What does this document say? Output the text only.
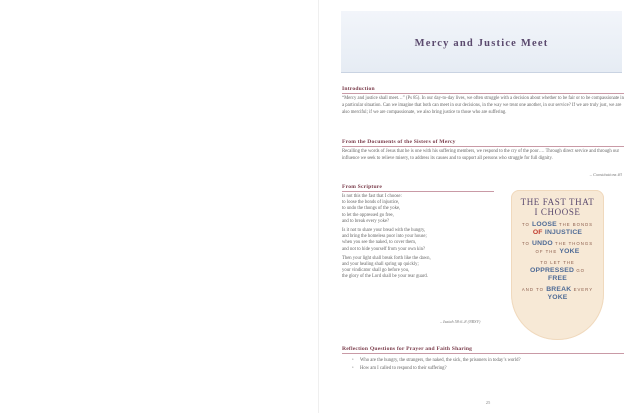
Mercy and Justice Meet
Introduction

“Mercy and justice shall meet…” (Ps 85). In our day-to-day lives, we often struggle with a decision about whether to be fair or to be compassionate in a particular situation. Can we imagine that both can meet in our decisions, in the way we treat one another, in our service? If we are truly just, we are also merciful; if we are compassionate, we also bring justice to those who are suffering.

From the Documents of the Sisters of Mercy

Recalling the words of Jesus that he is one with his suffering members, we respond to the cry of the poor…. Through direct service and through our influence we seek to relieve misery, to address its causes and to support all persons who struggle for full dignity.

– Constitutions #3
From Scripture
Is not this the fast that I choose:
to loose the bonds of injustice,
to undo the thongs of the yoke,
to let the oppressed go free,
and to break every yoke?
Is it not to share your bread with the hungry,
and bring the homeless poor into your house;
when you see the naked, to cover them,
and not to hide yourself from your own kin?
Then your light shall break forth like the dawn,
and your healing shall spring up quickly;
your vindicator shall go before you,
the glory of the Lord shall be your rear guard.
– Isaiah 58:6–8 (NRSV)
THE FAST THAT
I CHOOSE
TO LOOSE THE BONDS
OF INJUSTICE
TO UNDO THE THONGS
OF THE YOKE
TO LET THE
OPPRESSED GO
FREE
AND TO BREAK EVERY
YOKE
Reflection Questions for Prayer and Faith Sharing
• Who are the hungry, the strangers, the naked, the sick, the prisoners in today’s world?
• How am I called to respond to their suffering?
25
